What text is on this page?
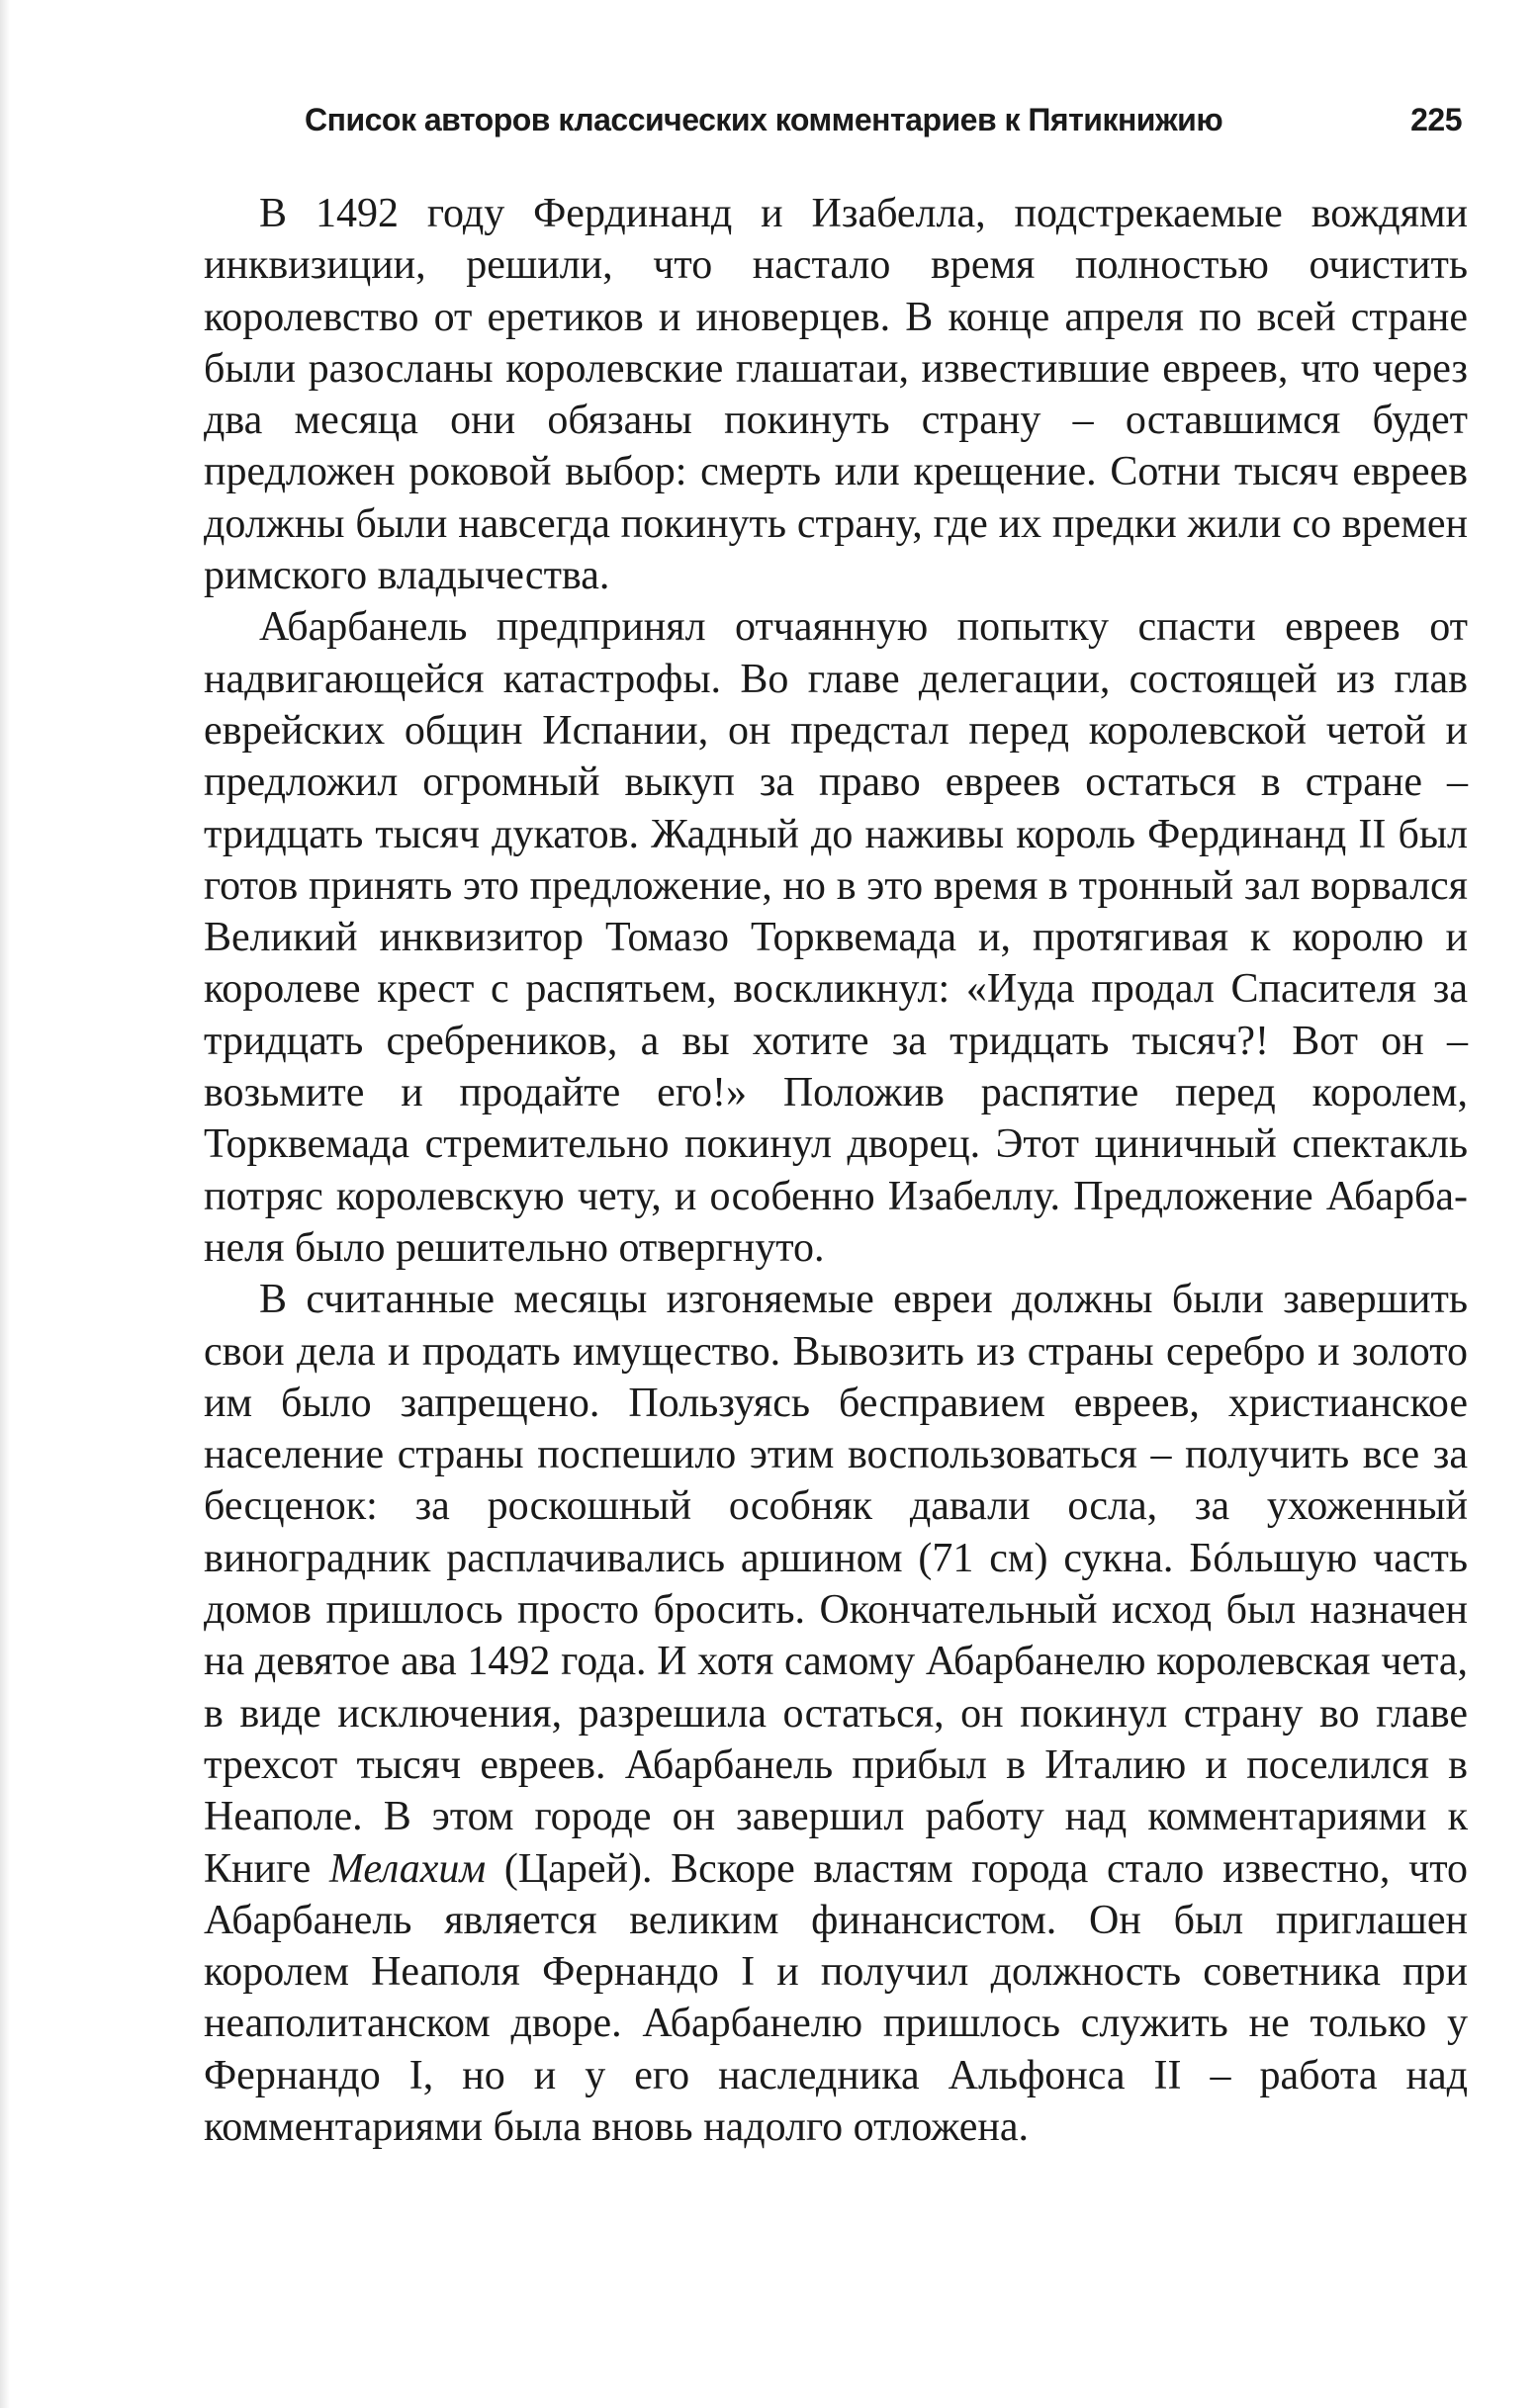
Список авторов классических комментариев к Пятикнижию	225

В 1492 году Фердинанд и Изабелла, подстрекаемые вождями инквизиции, решили, что настало время полностью очистить королевство от еретиков и иноверцев. В конце апреля по всей стране были разосланы королевские глашатаи, известившие евреев, что через два месяца они обязаны покинуть страну – оставшимся будет предложен роковой выбор: смерть или крещение. Сотни тысяч евреев должны были навсегда покинуть страну, где их предки жили со времен римского владычества.

Абарбанель предпринял отчаянную попытку спасти евреев от надвигающейся катастрофы. Во главе делегации, состоящей из глав еврейских общин Испании, он предстал перед королевской четой и предложил огромный выкуп за право евреев остаться в стране – тридцать тысяч дукатов. Жадный до наживы король Фердинанд II был готов принять это предложение, но в это время в тронный зал ворвался Великий инквизитор Томазо Торквемада и, протягивая к королю и королеве крест с распятьем, воскликнул: «Иуда продал Спасителя за тридцать сребреников, а вы хотите за тридцать тысяч?! Вот он – возьмите и продайте его!» Положив распятие перед королем, Торквемада стремительно покинул дворец. Этот циничный спектакль потряс королевскую чету, и особенно Изабеллу. Предложение Абарбанеля было решительно отвергнуто.

В считанные месяцы изгоняемые евреи должны были завершить свои дела и продать имущество. Вывозить из страны серебро и золото им было запрещено. Пользуясь бесправием евреев, христианское население страны поспешило этим воспользоваться – получить все за бесценок: за роскошный особняк давали осла, за ухоженный виноградник расплачивались аршином (71 см) сукна. Бóльшую часть домов пришлось просто бросить. Окончательный исход был назначен на девятое ава 1492 года. И хотя самому Абарбанелю королевская чета, в виде исключения, разрешила остаться, он покинул страну во главе трехсот тысяч евреев. Абарбанель прибыл в Италию и поселился в Неаполе. В этом городе он завершил работу над комментариями к Книге Мелахим (Царей). Вскоре властям города стало известно, что Абарбанель является великим финансистом. Он был приглашен королем Неаполя Фернандо I и получил должность советника при неаполитанском дворе. Абарбанелю пришлось служить не только у Фернандо I, но и у его наследника Альфонса II – работа над комментариями была вновь надолго отложена.
